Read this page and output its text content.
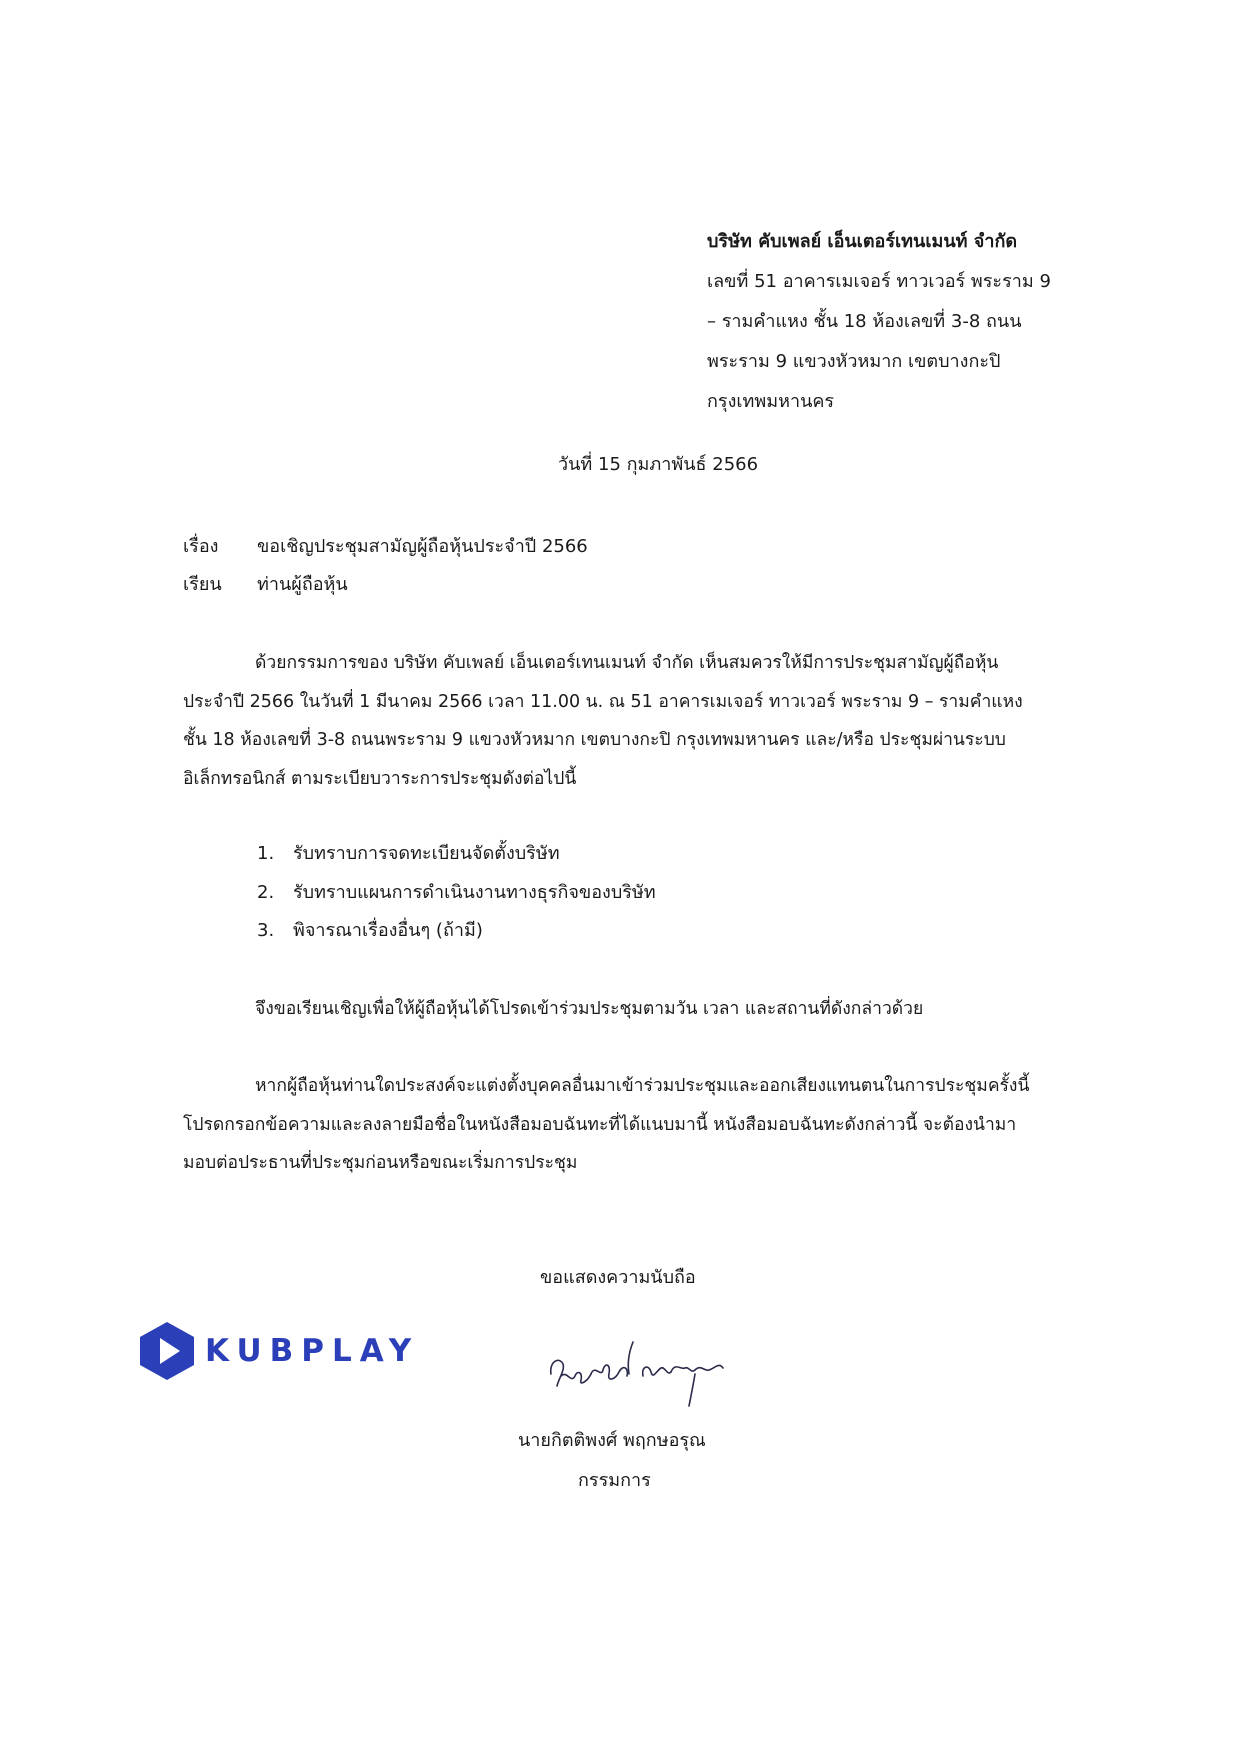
บริษัท คับเพลย์ เอ็นเตอร์เทนเมนท์ จำกัด
เลขที่ 51 อาคารเมเจอร์ ทาวเวอร์ พระราม 9
– รามคำแหง ชั้น 18 ห้องเลขที่ 3-8 ถนน
พระราม 9 แขวงหัวหมาก เขตบางกะปิ
กรุงเทพมหานคร
วันที่ 15 กุมภาพันธ์ 2566
เรื่อง	ขอเชิญประชุมสามัญผู้ถือหุ้นประจำปี 2566
เรียน	ท่านผู้ถือหุ้น

ด้วยกรรมการของ บริษัท คับเพลย์ เอ็นเตอร์เทนเมนท์ จำกัด เห็นสมควรให้มีการประชุมสามัญผู้ถือหุ้น

ประจำปี 2566 ในวันที่ 1 มีนาคม 2566 เวลา 11.00 น. ณ 51 อาคารเมเจอร์ ทาวเวอร์ พระราม 9 – รามคำแหง

ชั้น 18 ห้องเลขที่ 3-8 ถนนพระราม 9 แขวงหัวหมาก เขตบางกะปิ กรุงเทพมหานคร และ/หรือ ประชุมผ่านระบบ

อิเล็กทรอนิกส์ ตามระเบียบวาระการประชุมดังต่อไปนี้

1.	รับทราบการจดทะเบียนจัดตั้งบริษัท
2.	รับทราบแผนการดำเนินงานทางธุรกิจของบริษัท
3.	พิจารณาเรื่องอื่นๆ (ถ้ามี)

จึงขอเรียนเชิญเพื่อให้ผู้ถือหุ้นได้โปรดเข้าร่วมประชุมตามวัน เวลา และสถานที่ดังกล่าวด้วย

หากผู้ถือหุ้นท่านใดประสงค์จะแต่งตั้งบุคคลอื่นมาเข้าร่วมประชุมและออกเสียงแทนตนในการประชุมครั้งนี้

โปรดกรอกข้อความและลงลายมือชื่อในหนังสือมอบฉันทะที่ได้แนบมานี้ หนังสือมอบฉันทะดังกล่าวนี้ จะต้องนำมา

มอบต่อประธานที่ประชุมก่อนหรือขณะเริ่มการประชุม

ขอแสดงความนับถือ
KUBPLAY
นายกิตติพงศ์ พฤกษอรุณ
กรรมการ
